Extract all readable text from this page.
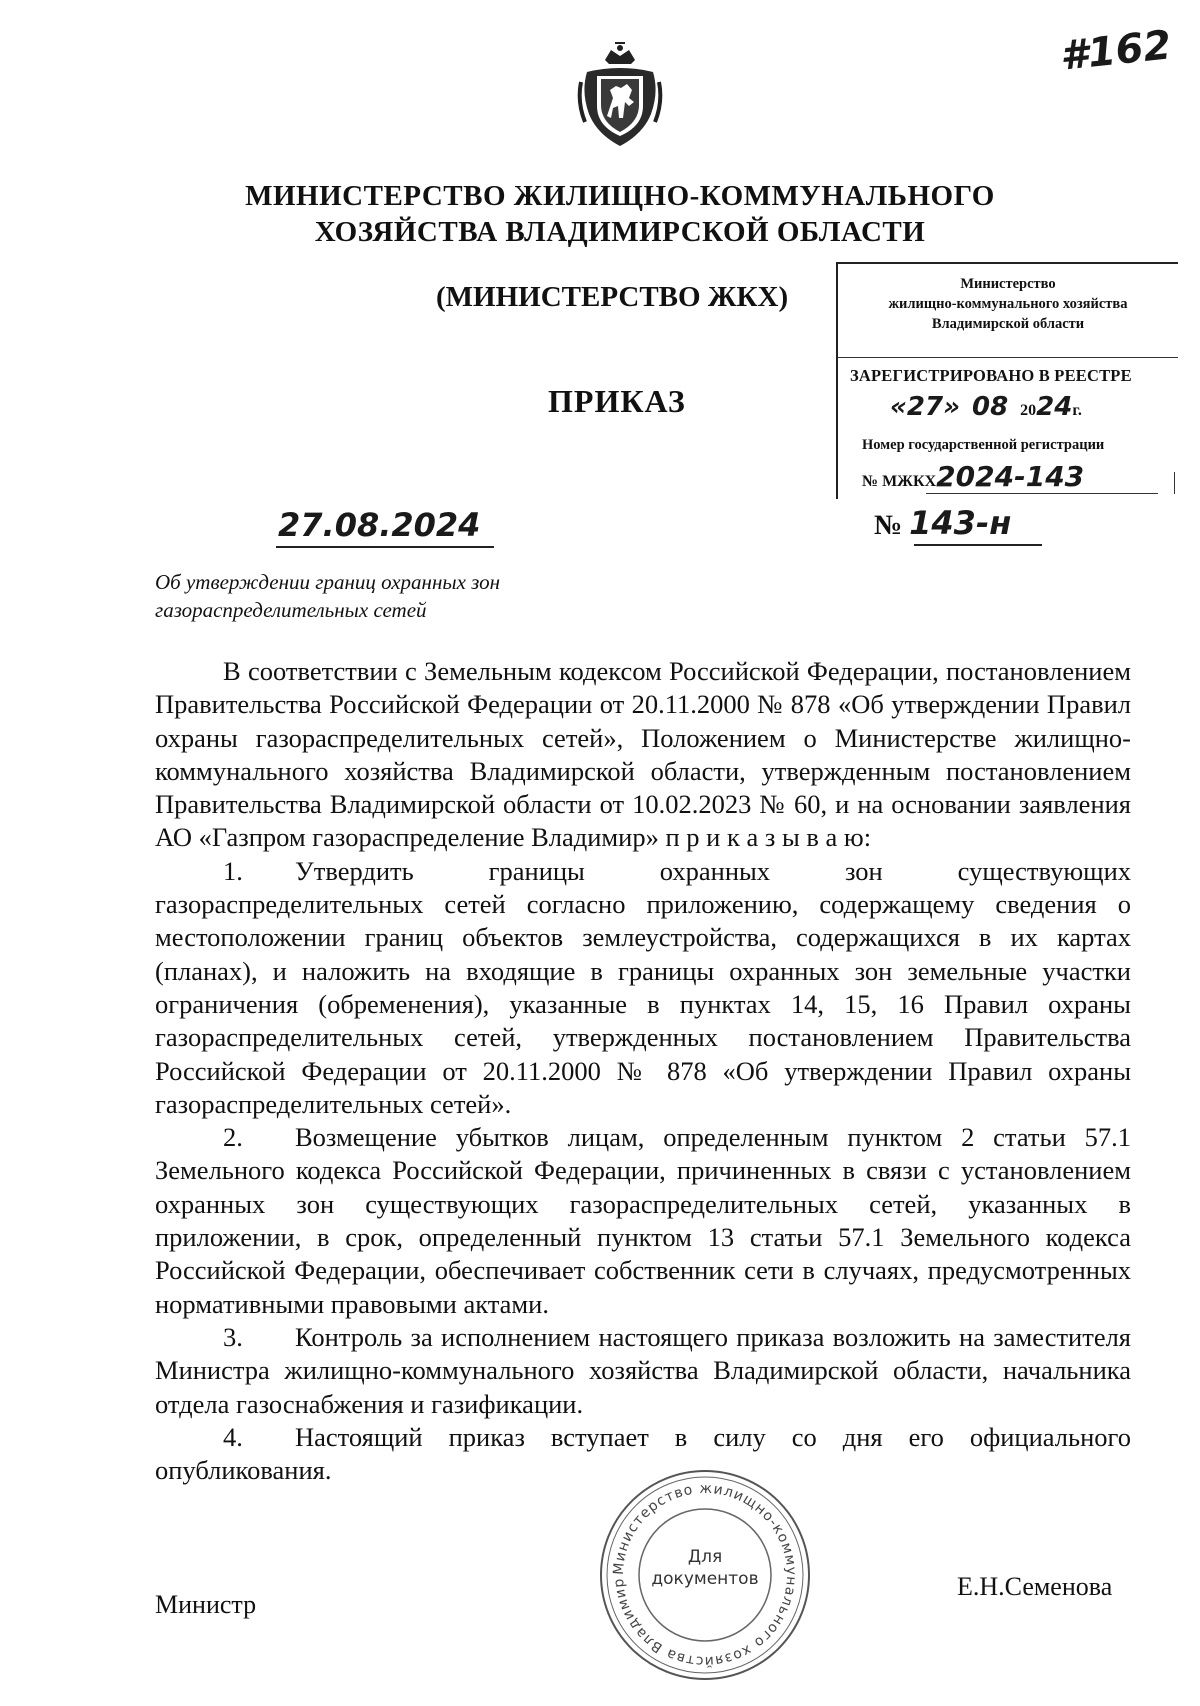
#162
МИНИСТЕРСТВО ЖИЛИЩНО-КОММУНАЛЬНОГО
ХОЗЯЙСТВА ВЛАДИМИРСКОЙ ОБЛАСТИ
(МИНИСТЕРСТВО ЖКХ)
ПРИКАЗ
Министерство
жилищно-коммунального хозяйства
Владимирской области
ЗАРЕГИСТРИРОВАНО В РЕЕСТРЕ
«27» 08 2024г.
Номер государственной регистрации
№ МЖКХ2024-143
27.08.2024	№ 143-н
Об утверждении границ охранных зон
газораспределительных сетей

В соответствии с Земельным кодексом Российской Федерации, постановлением Правительства Российской Федерации от 20.11.2000 № 878 «Об утверждении Правил охраны газораспределительных сетей», Положением о Министерстве жилищно-коммунального хозяйства Владимирской области, утвержденным постановлением Правительства Владимирской области от 10.02.2023 № 60, и на основании заявления АО «Газпром газораспределение Владимир» п р и к а з ы в а ю:

1. Утвердить границы охранных зон существующих газораспределительных сетей согласно приложению, содержащему сведения о местоположении границ объектов землеустройства, содержащихся в их картах (планах), и наложить на входящие в границы охранных зон земельные участки ограничения (обременения), указанные в пунктах 14, 15, 16 Правил охраны газораспределительных сетей, утвержденных постановлением Правительства Российской Федерации от 20.11.2000 № 878 «Об утверждении Правил охраны газораспределительных сетей».
2. Возмещение убытков лицам, определенным пунктом 2 статьи 57.1 Земельного кодекса Российской Федерации, причиненных в связи с установлением охранных зон существующих газораспределительных сетей, указанных в приложении, в срок, определенный пунктом 13 статьи 57.1 Земельного кодекса Российской Федерации, обеспечивает собственник сети в случаях, предусмотренных нормативными правовыми актами.
3. Контроль за исполнением настоящего приказа возложить на заместителя Министра жилищно-коммунального хозяйства Владимирской области, начальника отдела газоснабжения и газификации.
4. Настоящий приказ вступает в силу со дня его официального опубликования.
Министерство жилищно-коммунального хозяйства Владимир
Для
документов
Министр
Е.Н.Семенова
